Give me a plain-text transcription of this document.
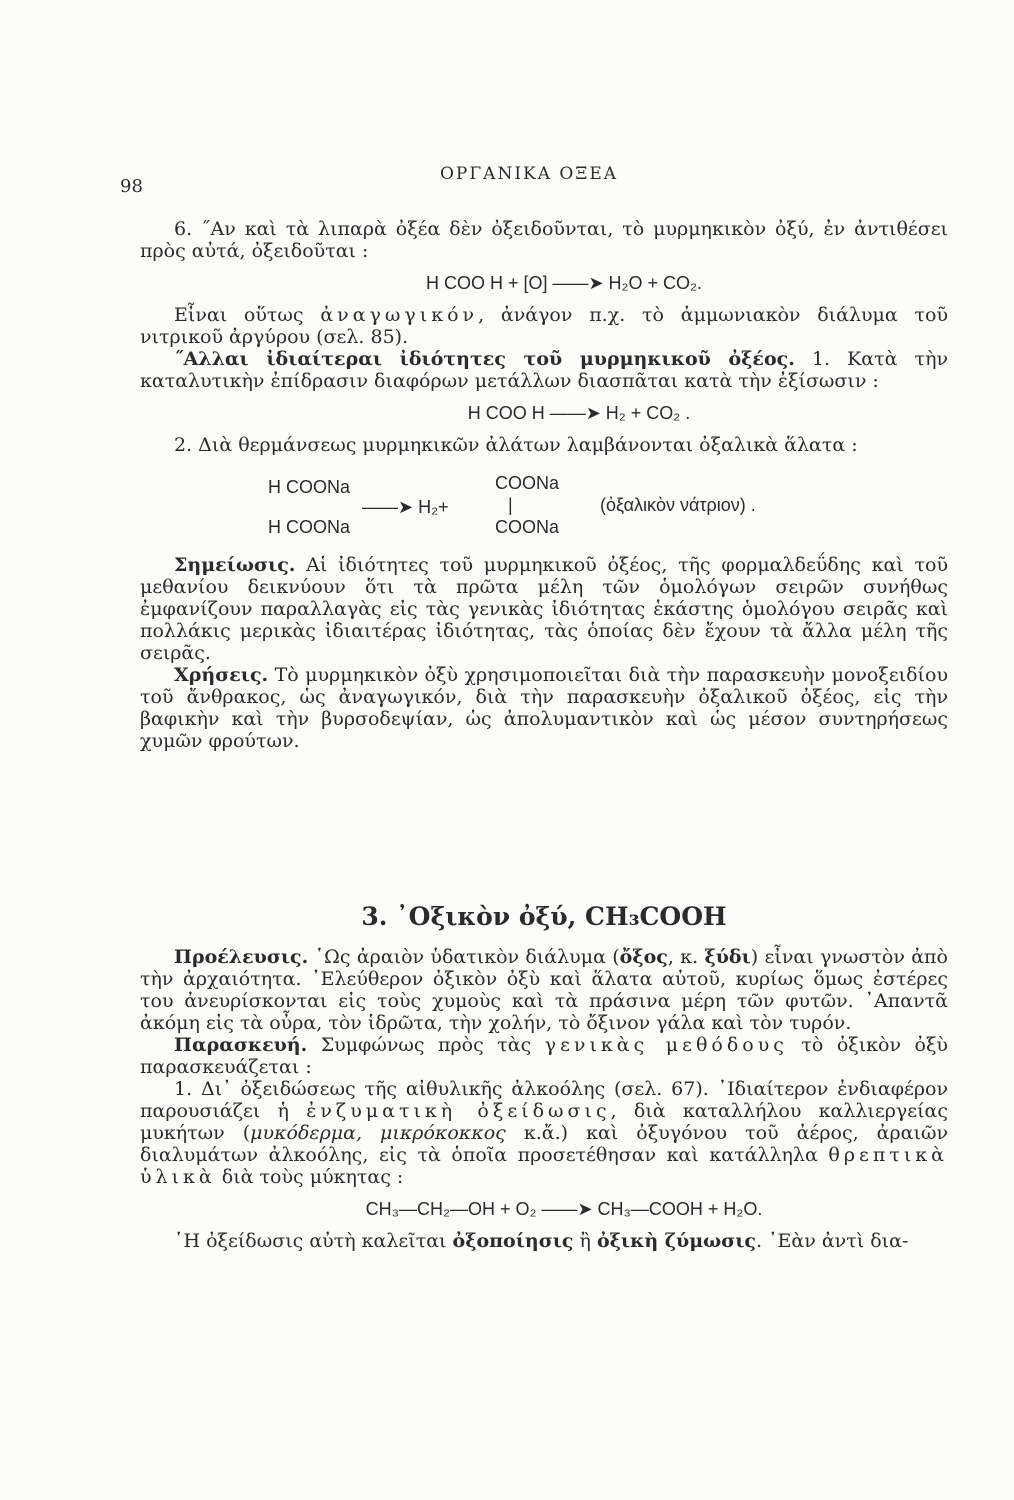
98
ΟΡΓΑΝΙΚΑ ΟΞΕΑ

6. ˝Αν καὶ τὰ λιπαρὰ ὀξέα δὲν ὀξειδοῦνται, τὸ μυρμηκικὸν ὀξύ, ἐν ἀντιθέσει πρὸς αὐτά, ὀξειδοῦται :

H COO H + [O] ——➤ H₂O + CO₂.

Εἶναι οὕτως ἀναγωγικόν, ἀνάγον π.χ. τὸ ἀμμωνιακὸν διάλυμα τοῦ νιτρικοῦ ἀργύρου (σελ. 85).

˝Αλλαι ἰδιαίτεραι ἰδιότητες τοῦ μυρμηκικοῦ ὀξέος. 1. Κατὰ τὴν καταλυτικὴν ἐπίδρασιν διαφόρων μετάλλων διασπᾶται κατὰ τὴν ἐξίσωσιν :

H COO H ——➤ H₂ + CO₂ .

2. Διὰ θερμάνσεως μυρμηκικῶν ἀλάτων λαμβάνονται ὀξαλικὰ ἅλατα :

H COONa
H COONa
——➤ H₂+
COONa
|
COONa
(ὀξαλικὸν νάτριον) .

Σημείωσις. Αἱ ἰδιότητες τοῦ μυρμηκικοῦ ὀξέος, τῆς φορμαλδεΰδης καὶ τοῦ μεθανίου δεικνύουν ὅτι τὰ πρῶτα μέλη τῶν ὁμολόγων σειρῶν συνήθως ἐμφανίζουν παραλλαγὰς εἰς τὰς γενικὰς ἰδιότητας ἑκάστης ὁμολόγου σειρᾶς καὶ πολλάκις μερικὰς ἰδιαιτέρας ἰδιότητας, τὰς ὁποίας δὲν ἔχουν τὰ ἄλλα μέλη τῆς σειρᾶς.

Χρήσεις. Τὸ μυρμηκικὸν ὀξὺ χρησιμοποιεῖται διὰ τὴν παρασκευὴν μονοξειδίου τοῦ ἄνθρακος, ὡς ἀναγωγικόν, διὰ τὴν παρασκευὴν ὀξαλικοῦ ὀξέος, εἰς τὴν βαφικὴν καὶ τὴν βυρσοδεψίαν, ὡς ἀπολυμαντικὸν καὶ ὡς μέσον συντηρήσεως χυμῶν φρούτων.

3. ᾽Οξικὸν ὀξύ, CH₃COOH

Προέλευσις. ῾Ως ἀραιὸν ὑδατικὸν διάλυμα (ὄξος, κ. ξύδι) εἶναι γνωστὸν ἀπὸ τὴν ἀρχαιότητα. ᾽Ελεύθερον ὀξικὸν ὀξὺ καὶ ἅλατα αὐτοῦ, κυρίως ὅμως ἐστέρες του ἀνευρίσκονται εἰς τοὺς χυμοὺς καὶ τὰ πράσινα μέρη τῶν φυτῶν. ᾽Απαντᾶ ἀκόμη εἰς τὰ οὖρα, τὸν ἱδρῶτα, τὴν χολήν, τὸ ὄξινον γάλα καὶ τὸν τυρόν.

Παρασκευή. Συμφώνως πρὸς τὰς γενικὰς μεθόδους τὸ ὀξικὸν ὀξὺ παρασκευάζεται :

1. Δι᾽ ὀξειδώσεως τῆς αἰθυλικῆς ἀλκοόλης (σελ. 67). ᾽Ιδιαίτερον ἐνδιαφέρον παρουσιάζει ἡ ἐνζυματικὴ ὀξείδωσις, διὰ καταλλήλου καλλιεργείας μυκήτων (μυκόδερμα, μικρόκοκκος κ.ἄ.) καὶ ὀξυγόνου τοῦ ἀέρος, ἀραιῶν διαλυμάτων ἀλκοόλης, εἰς τὰ ὁποῖα προσετέθησαν καὶ κατάλληλα θρεπτικὰ ὑλικὰ διὰ τοὺς μύκητας :

CH₃—CH₂—OH + O₂ ——➤ CH₃—COOH + H₂O.

῾Η ὀξείδωσις αὐτὴ καλεῖται ὀξοποίησις ἢ ὀξικὴ ζύμωσις. ᾽Εὰν ἀντὶ δια-
